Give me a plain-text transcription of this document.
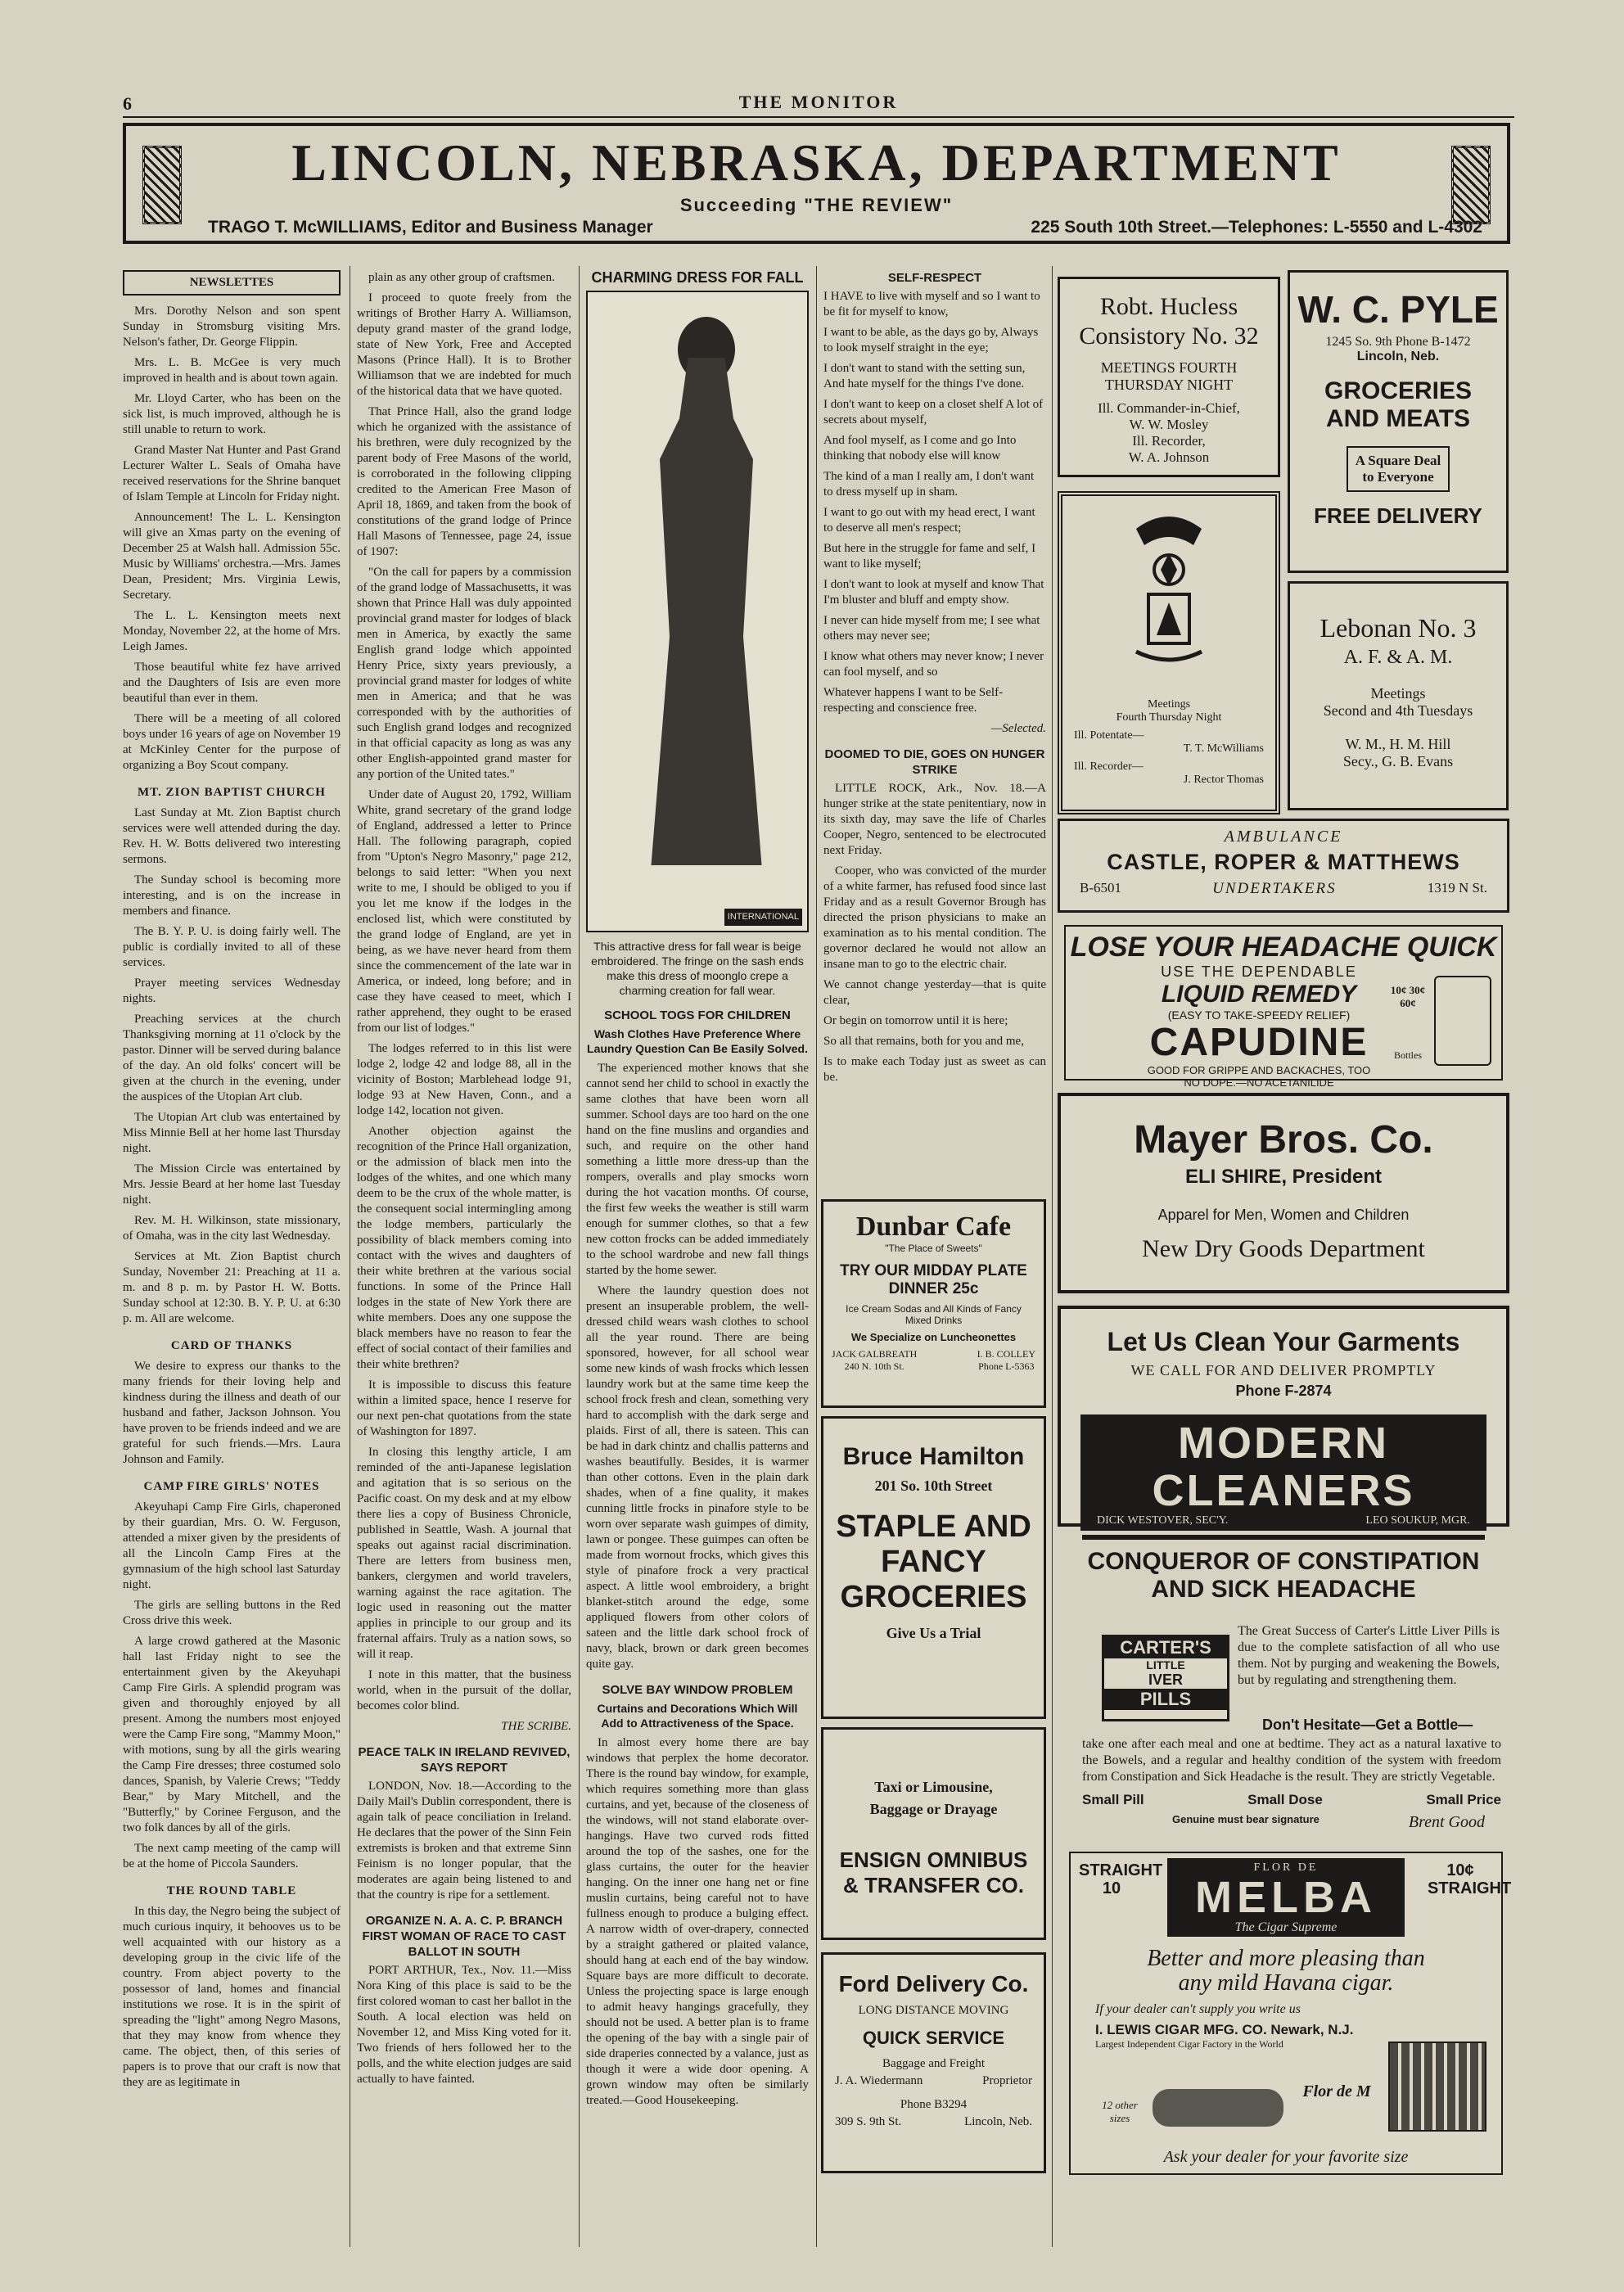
6	THE MONITOR
LINCOLN, NEBRASKA, DEPARTMENT
Succeeding "THE REVIEW"
TRAGO T. McWILLIAMS, Editor and Business Manager	225 South 10th Street.—Telephones: L-5550 and L-4302
NEWSLETTES

Mrs. Dorothy Nelson and son spent Sunday in Stromsburg visiting Mrs. Nelson's father, Dr. George Flippin.

Mrs. L. B. McGee is very much improved in health and is about town again.

Mr. Lloyd Carter, who has been on the sick list, is much improved, although he is still unable to return to work.

Grand Master Nat Hunter and Past Grand Lecturer Walter L. Seals of Omaha have received reservations for the Shrine banquet of Islam Temple at Lincoln for Friday night.

Announcement! The L. L. Kensington will give an Xmas party on the evening of December 25 at Walsh hall. Admission 55c. Music by Williams' orchestra.—Mrs. James Dean, President; Mrs. Virginia Lewis, Secretary.

The L. L. Kensington meets next Monday, November 22, at the home of Mrs. Leigh James.

Those beautiful white fez have arrived and the Daughters of Isis are even more beautiful than ever in them.

There will be a meeting of all colored boys under 16 years of age on November 19 at McKinley Center for the purpose of organizing a Boy Scout company.

MT. ZION BAPTIST CHURCH

Last Sunday at Mt. Zion Baptist church services were well attended during the day. Rev. H. W. Botts delivered two interesting sermons.

The Sunday school is becoming more interesting, and is on the increase in members and finance.

The B. Y. P. U. is doing fairly well. The public is cordially invited to all of these services.

Prayer meeting services Wednesday nights.

Preaching services at the church Thanksgiving morning at 11 o'clock by the pastor. Dinner will be served during balance of the day. An old folks' concert will be given at the church in the evening, under the auspices of the Utopian Art club.

The Utopian Art club was entertained by Miss Minnie Bell at her home last Thursday night.

The Mission Circle was entertained by Mrs. Jessie Beard at her home last Tuesday night.

Rev. M. H. Wilkinson, state missionary, of Omaha, was in the city last Wednesday.

Services at Mt. Zion Baptist church Sunday, November 21: Preaching at 11 a. m. and 8 p. m. by Pastor H. W. Botts. Sunday school at 12:30. B. Y. P. U. at 6:30 p. m. All are welcome.

CARD OF THANKS

We desire to express our thanks to the many friends for their loving help and kindness during the illness and death of our husband and father, Jackson Johnson. You have proven to be friends indeed and we are grateful for such friends.—Mrs. Laura Johnson and Family.

CAMP FIRE GIRLS' NOTES

Akeyuhapi Camp Fire Girls, chaperoned by their guardian, Mrs. O. W. Ferguson, attended a mixer given by the presidents of all the Lincoln Camp Fires at the gymnasium of the high school last Saturday night.

The girls are selling buttons in the Red Cross drive this week.

A large crowd gathered at the Masonic hall last Friday night to see the entertainment given by the Akeyuhapi Camp Fire Girls. A splendid program was given and thoroughly enjoyed by all present. Among the numbers most enjoyed were the Camp Fire song, "Mammy Moon," with motions, sung by all the girls wearing the Camp Fire dresses; three costumed solo dances, Spanish, by Valerie Crews; "Teddy Bear," by Mary Mitchell, and the "Butterfly," by Corinee Ferguson, and the two folk dances by all of the girls.

The next camp meeting of the camp will be at the home of Piccola Saunders.

THE ROUND TABLE

In this day, the Negro being the subject of much curious inquiry, it behooves us to be well acquainted with our history as a developing group in the civic life of the country. From abject poverty to the possessor of land, homes and financial institutions we rose. It is in the spirit of spreading the "light" among Negro Masons, that they may know from whence they came. The object, then, of this series of papers is to prove that our craft is now that they are as legitimate in

plain as any other group of craftsmen.

I proceed to quote freely from the writings of Brother Harry A. Williamson, deputy grand master of the grand lodge, state of New York, Free and Accepted Masons (Prince Hall). It is to Brother Williamson that we are indebted for much of the historical data that we have quoted.

That Prince Hall, also the grand lodge which he organized with the assistance of his brethren, were duly recognized by the parent body of Free Masons of the world, is corroborated in the following clipping credited to the American Free Mason of April 18, 1869, and taken from the book of constitutions of the grand lodge of Prince Hall Masons of Tennessee, page 24, issue of 1907:

"On the call for papers by a commission of the grand lodge of Massachusetts, it was shown that Prince Hall was duly appointed provincial grand master for lodges of black men in America, by exactly the same English grand lodge which appointed Henry Price, sixty years previously, a provincial grand master for lodges of white men in America; and that he was corresponded with by the authorities of such English grand lodges and recognized in that official capacity as long as was any other English-appointed grand master for any portion of the United tates."

Under date of August 20, 1792, William White, grand secretary of the grand lodge of England, addressed a letter to Prince Hall. The following paragraph, copied from "Upton's Negro Masonry," page 212, belongs to said letter: "When you next write to me, I should be obliged to you if you let me know if the lodges in the enclosed list, which were constituted by the grand lodge of England, are yet in being, as we have never heard from them since the commencement of the late war in America, or indeed, long before; and in case they have ceased to meet, which I rather apprehend, they ought to be erased from our list of lodges."

The lodges referred to in this list were lodge 2, lodge 42 and lodge 88, all in the vicinity of Boston; Marblehead lodge 91, lodge 93 at New Haven, Conn., and a lodge 142, location not given.

Another objection against the recognition of the Prince Hall organization, or the admission of black men into the lodges of the whites, and one which many deem to be the crux of the whole matter, is the consequent social intermingling among the lodge members, particularly the possibility of black members coming into contact with the wives and daughters of their white brethren at the various social functions. In some of the Prince Hall lodges in the state of New York there are white members. Does any one suppose the black members have no reason to fear the effect of social contact of their families and their white brethren?

It is impossible to discuss this feature within a limited space, hence I reserve for our next pen-chat quotations from the state of Washington for 1897.

In closing this lengthy article, I am reminded of the anti-Japanese legislation and agitation that is so serious on the Pacific coast. On my desk and at my elbow there lies a copy of Business Chronicle, published in Seattle, Wash. A journal that speaks out against racial discrimination. There are letters from business men, bankers, clergymen and world travelers, warning against the race agitation. The logic used in reasoning out the matter applies in principle to our group and its fraternal affairs. Truly as a nation sows, so will it reap.

I note in this matter, that the business world, when in the pursuit of the dollar, becomes color blind.

THE SCRIBE.

PEACE TALK IN IRELAND REVIVED, SAYS REPORT

LONDON, Nov. 18.—According to the Daily Mail's Dublin correspondent, there is again talk of peace conciliation in Ireland. He declares that the power of the Sinn Fein extremists is broken and that extreme Sinn Feinism is no longer popular, that the moderates are again being listened to and that the country is ripe for a settlement.

ORGANIZE N. A. A. C. P. BRANCH FIRST WOMAN OF RACE TO CAST BALLOT IN SOUTH

PORT ARTHUR, Tex., Nov. 11.—Miss Nora King of this place is said to be the first colored woman to cast her ballot in the South. A local election was held on November 12, and Miss King voted for it. Two friends of hers followed her to the polls, and the white election judges are said actually to have fainted.

CHARMING DRESS FOR FALL
INTERNATIONAL
This attractive dress for fall wear is beige embroidered. The fringe on the sash ends make this dress of moonglo crepe a charming creation for fall wear.
SCHOOL TOGS FOR CHILDREN
Wash Clothes Have Preference Where Laundry Question Can Be Easily Solved.

The experienced mother knows that she cannot send her child to school in exactly the same clothes that have been worn all summer. School days are too hard on the one hand on the fine muslins and organdies and such, and require on the other hand something a little more dress-up than the rompers, overalls and play smocks worn during the hot vacation months. Of course, the first few weeks the weather is still warm enough for summer clothes, so that a few new cotton frocks can be added immediately to the school wardrobe and new fall things started by the home sewer.

Where the laundry question does not present an insuperable problem, the well-dressed child wears wash clothes to school all the year round. There are being sponsored, however, for all school wear some new kinds of wash frocks which lessen laundry work but at the same time keep the school frock fresh and clean, something very hard to accomplish with the dark serge and plaids. First of all, there is sateen. This can be had in dark chintz and challis patterns and washes beautifully. Besides, it is warmer than other cottons. Even in the plain dark shades, when of a fine quality, it makes cunning little frocks in pinafore style to be worn over separate wash guimpes of dimity, lawn or pongee. These guimpes can often be made from wornout frocks, which gives this style of pinafore frock a very practical aspect. A little wool embroidery, a bright blanket-stitch around the edge, some appliqued flowers from other colors of sateen and the little dark school frock of navy, black, brown or dark green becomes quite gay.

SOLVE BAY WINDOW PROBLEM
Curtains and Decorations Which Will Add to Attractiveness of the Space.

In almost every home there are bay windows that perplex the home decorator. There is the round bay window, for example, which requires something more than glass curtains, and yet, because of the closeness of the windows, will not stand elaborate over-hangings. Have two curved rods fitted around the top of the sashes, one for the glass curtains, the outer for the heavier hanging. On the inner one hang net or fine muslin curtains, being careful not to have fullness enough to produce a bulging effect. A narrow width of over-drapery, connected by a straight gathered or plaited valance, should hang at each end of the bay window. Square bays are more difficult to decorate. Unless the projecting space is large enough to admit heavy hangings gracefully, they should not be used. A better plan is to frame the opening of the bay with a single pair of side draperies connected by a valance, just as though it were a wide door opening. A grown window may often be similarly treated.—Good Housekeeping.

SELF-RESPECT

I HAVE to live with myself and so I want to be fit for myself to know,

I want to be able, as the days go by, Always to look myself straight in the eye;

I don't want to stand with the setting sun, And hate myself for the things I've done.

I don't want to keep on a closet shelf A lot of secrets about myself,

And fool myself, as I come and go Into thinking that nobody else will know

The kind of a man I really am, I don't want to dress myself up in sham.

I want to go out with my head erect, I want to deserve all men's respect;

But here in the struggle for fame and self, I want to like myself;

I don't want to look at myself and know That I'm bluster and bluff and empty show.

I never can hide myself from me; I see what others may never see;

I know what others may never know; I never can fool myself, and so

Whatever happens I want to be Self-respecting and conscience free.

—Selected.

DOOMED TO DIE, GOES ON HUNGER STRIKE

LITTLE ROCK, Ark., Nov. 18.—A hunger strike at the state penitentiary, now in its sixth day, may save the life of Charles Cooper, Negro, sentenced to be electrocuted next Friday.

Cooper, who was convicted of the murder of a white farmer, has refused food since last Friday and as a result Governor Brough has directed the prison physicians to make an examination as to his mental condition. The governor declared he would not allow an insane man to go to the electric chair.

We cannot change yesterday—that is quite clear,

Or begin on tomorrow until it is here;

So all that remains, both for you and me,

Is to make each Today just as sweet as can be.

Dunbar Cafe
"The Place of Sweets"
TRY OUR MIDDAY PLATE DINNER 25c
Ice Cream Sodas and All Kinds of Fancy Mixed Drinks
We Specialize on Luncheonettes
JACK GALBREATH
240 N. 10th St.
I. B. COLLEY
Phone L-5363
Bruce Hamilton
201 So. 10th Street
STAPLE AND
FANCY
GROCERIES
Give Us a Trial
Taxi or Limousine,
Baggage or Drayage
ENSIGN OMNIBUS
& TRANSFER CO.
Ford Delivery Co.
LONG DISTANCE MOVING
QUICK SERVICE
Baggage and Freight
J. A. Wiedermann	Proprietor
Phone B3294
309 S. 9th St.	Lincoln, Neb.
Robt. Hucless Consistory No. 32
MEETINGS FOURTH THURSDAY NIGHT
Ill. Commander-in-Chief,
W. W. Mosley
Ill. Recorder,
W. A. Johnson
Meetings
Fourth Thursday Night
Ill. Potentate—
T. T. McWilliams
Ill. Recorder—
J. Rector Thomas
W. C. PYLE
1245 So. 9th Phone B-1472
Lincoln, Neb.
GROCERIES AND MEATS
A Square Deal to Everyone
FREE DELIVERY
Lebonan No. 3
A. F. & A. M.
Meetings
Second and 4th Tuesdays
W. M., H. M. Hill
Secy., G. B. Evans
AMBULANCE
CASTLE, ROPER & MATTHEWS
B-6501	UNDERTAKERS	1319 N St.
LOSE YOUR HEADACHE QUICK
USE THE DEPENDABLE
LIQUID REMEDY
(EASY TO TAKE-SPEEDY RELIEF)
CAPUDINE
GOOD FOR GRIPPE AND BACKACHES, TOO
NO DOPE.—NO ACETANILIDE
10¢ 30¢ 60¢
Bottles
Mayer Bros. Co.
ELI SHIRE, President
Apparel for Men, Women and Children
New Dry Goods Department
Let Us Clean Your Garments
WE CALL FOR AND DELIVER PROMPTLY
Phone F-2874
MODERN CLEANERS
DICK WESTOVER, SEC'Y.	LEO SOUKUP, MGR.
CONQUEROR OF CONSTIPATION
AND SICK HEADACHE
CARTER'S
LITTLE
IVER
PILLS
The Great Success of Carter's Little Liver Pills is due to the complete satisfaction of all who use them. Not by purging and weakening the Bowels, but by regulating and strengthening them.
Don't Hesitate—Get a Bottle—
take one after each meal and one at bedtime. They act as a natural laxative to the Bowels, and a regular and healthy condition of the system with freedom from Constipation and Sick Headache is the result. They are strictly Vegetable.
Small Pill	Small Dose	Small Price
Genuine must bear signature	Brent Good
STRAIGHT 10
10¢ STRAIGHT
FLOR DE
MELBA
The Cigar Supreme
Better and more pleasing than
any mild Havana cigar.
If your dealer can't supply you write us
I. LEWIS CIGAR MFG. CO. Newark, N.J.
Largest Independent Cigar Factory in the World
12 other sizes
Flor de M
Ask your dealer for your favorite size
